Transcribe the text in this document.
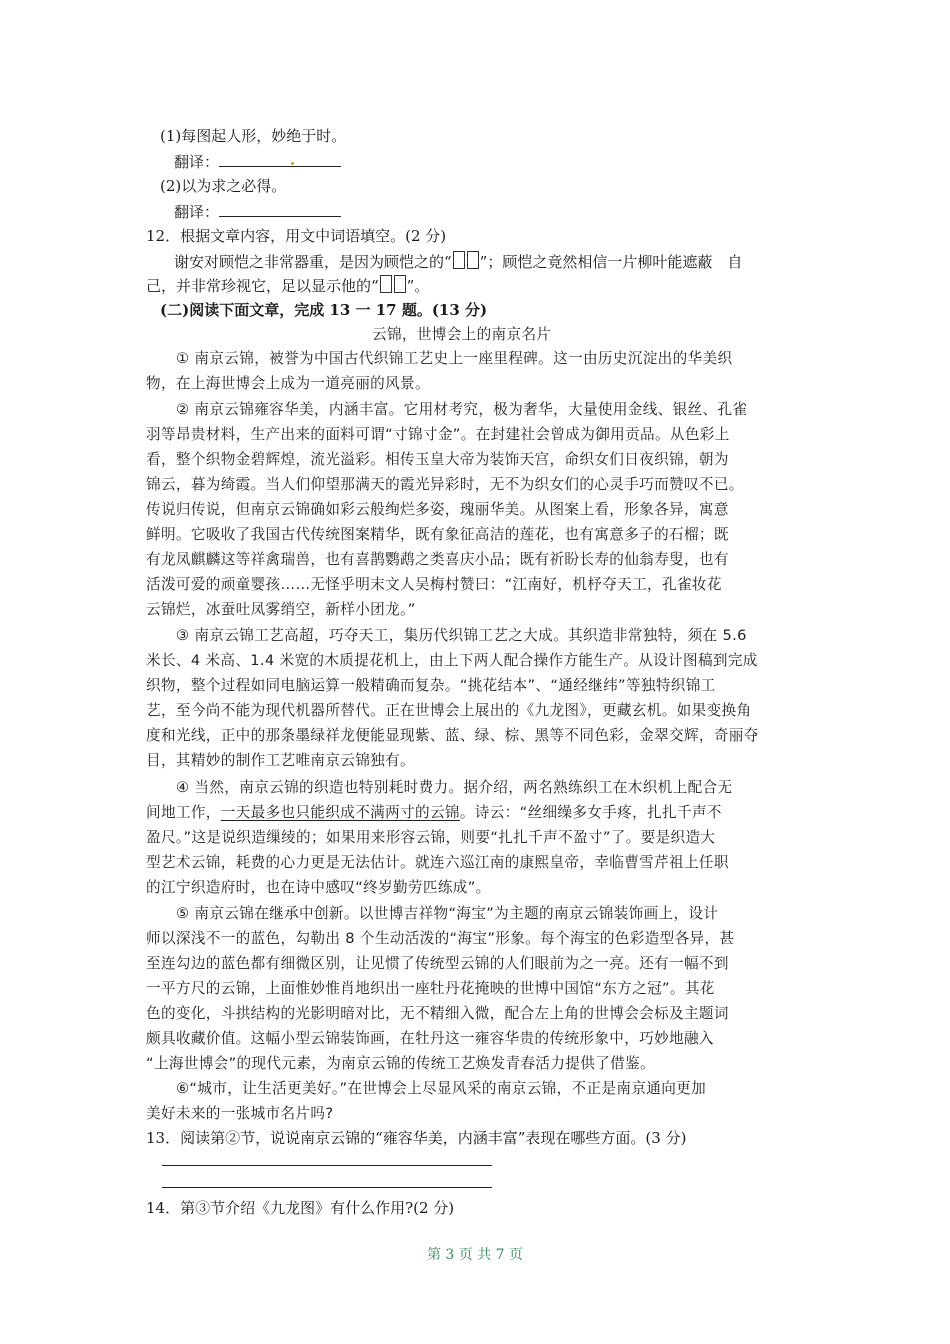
(1)每图起人形，妙绝于时。
翻译：
(2)以为求之必得。
翻译：
12．根据文章内容，用文中词语填空。(2 分)
谢安对顾恺之非常器重，是因为顾恺之的“ ”；顾恺之竟然相信一片柳叶能遮蔽　自
己，并非常珍视它，足以显示他的“ ”。
(二)阅读下面文章，完成 13 一 17 题。(13 分)
云锦，世博会上的南京名片
① 南京云锦，被誉为中国古代织锦工艺史上一座里程碑。这一由历史沉淀出的华美织
物，在上海世博会上成为一道亮丽的风景。
② 南京云锦雍容华美，内涵丰富。它用材考究，极为奢华，大量使用金线、银丝、孔雀
羽等昂贵材料，生产出来的面料可谓“寸锦寸金”。在封建社会曾成为御用贡品。从色彩上
看，整个织物金碧辉煌，流光溢彩。相传玉皇大帝为装饰天宫，命织女们日夜织锦，朝为
锦云，暮为绮霞。当人们仰望那满天的霞光异彩时，无不为织女们的心灵手巧而赞叹不已。
传说归传说，但南京云锦确如彩云般绚烂多姿，瑰丽华美。从图案上看，形象各异，寓意
鲜明。它吸收了我国古代传统图案精华，既有象征高洁的莲花，也有寓意多子的石榴；既
有龙凤麒麟这等祥禽瑞兽，也有喜鹊鹦鹉之类喜庆小品；既有祈盼长寿的仙翁寿叟，也有
活泼可爱的顽童婴孩……无怪乎明末文人吴梅村赞曰：“江南好，机杼夺天工，孔雀妆花
云锦烂，冰蚕吐凤雾绡空，新样小团龙。”
③ 南京云锦工艺高超，巧夺天工，集历代织锦工艺之大成。其织造非常独特，须在 5.6
米长、4 米高、1.4 米宽的木质提花机上，由上下两人配合操作方能生产。从设计图稿到完成
织物，整个过程如同电脑运算一般精确而复杂。“挑花结本”、“通经继纬”等独特织锦工
艺，至今尚不能为现代机器所替代。正在世博会上展出的《九龙图》，更藏玄机。如果变换角
度和光线，正中的那条墨绿祥龙便能显现紫、蓝、绿、棕、黑等不同色彩，金翠交辉，奇丽夺
目，其精妙的制作工艺唯南京云锦独有。
④ 当然，南京云锦的织造也特别耗时费力。据介绍，两名熟练织工在木织机上配合无
间地工作，一天最多也只能织成不满两寸的云锦。诗云：“丝细缲多女手疼，扎扎千声不
盈尺。”这是说织造缫绫的；如果用来形容云锦，则要“扎扎千声不盈寸”了。要是织造大
型艺术云锦，耗费的心力更是无法估计。就连六巡江南的康熙皇帝，幸临曹雪芹祖上任职
的江宁织造府时，也在诗中感叹“终岁勤劳匹练成”。
⑤ 南京云锦在继承中创新。以世博吉祥物“海宝”为主题的南京云锦装饰画上，设计
师以深浅不一的蓝色，勾勒出 8 个生动活泼的“海宝”形象。每个海宝的色彩造型各异，甚
至连勾边的蓝色都有细微区别，让见惯了传统型云锦的人们眼前为之一亮。还有一幅不到
一平方尺的云锦，上面惟妙惟肖地织出一座牡丹花掩映的世博中国馆“东方之冠”。其花
色的变化，斗拱结构的光影明暗对比，无不精细入微，配合左上角的世博会会标及主题词
颇具收藏价值。这幅小型云锦装饰画，在牡丹这一雍容华贵的传统形象中，巧妙地融入
“上海世博会”的现代元素，为南京云锦的传统工艺焕发青春活力提供了借鉴。
⑥“城市，让生活更美好。”在世博会上尽显风采的南京云锦，不正是南京通向更加
美好未来的一张城市名片吗?
13．阅读第②节，说说南京云锦的“雍容华美，内涵丰富”表现在哪些方面。(3 分)
14．第③节介绍《九龙图》有什么作用?(2 分)
第 3 页 共 7 页
